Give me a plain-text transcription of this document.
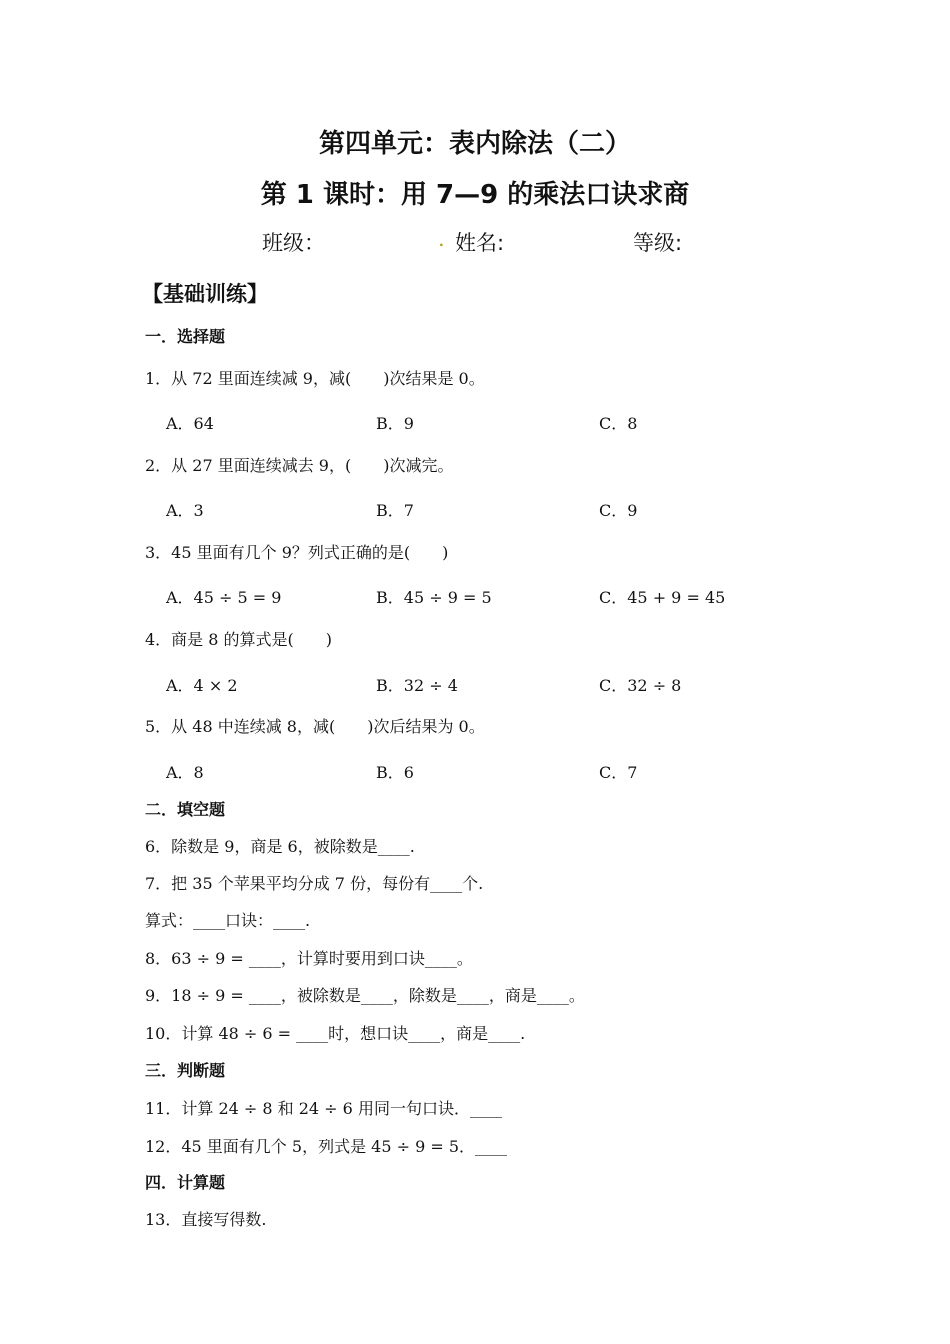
第四单元：表内除法（二）
第 1 课时：用 7—9 的乘法口诀求商
班级：	. 姓名:	等级:
【基础训练】
一．选择题
1．从 72 里面连续减 9，减(　　)次结果是 0。
A．64	B．9	C．8
2．从 27 里面连续减去 9，(　　)次减完。
A．3	B．7	C．9
3．45 里面有几个 9？列式正确的是(　　)
A．45 ÷ 5 = 9	B．45 ÷ 9 = 5	C．45 + 9 = 45
4．商是 8 的算式是(　　)
A．4 × 2	B．32 ÷ 4	C．32 ÷ 8
5．从 48 中连续减 8，减(　　)次后结果为 0。
A．8	B．6	C．7
二．填空题
6．除数是 9，商是 6，被除数是____.
7．把 35 个苹果平均分成 7 份，每份有____个.
算式：____口诀：____.
8．63 ÷ 9 = ____，计算时要用到口诀____。
9．18 ÷ 9 = ____，被除数是____，除数是____，商是____。
10．计算 48 ÷ 6 = ____时，想口诀____，商是____.
三．判断题
11．计算 24 ÷ 8 和 24 ÷ 6 用同一句口诀．____
12．45 里面有几个 5，列式是 45 ÷ 9 = 5．____
四．计算题
13．直接写得数.
